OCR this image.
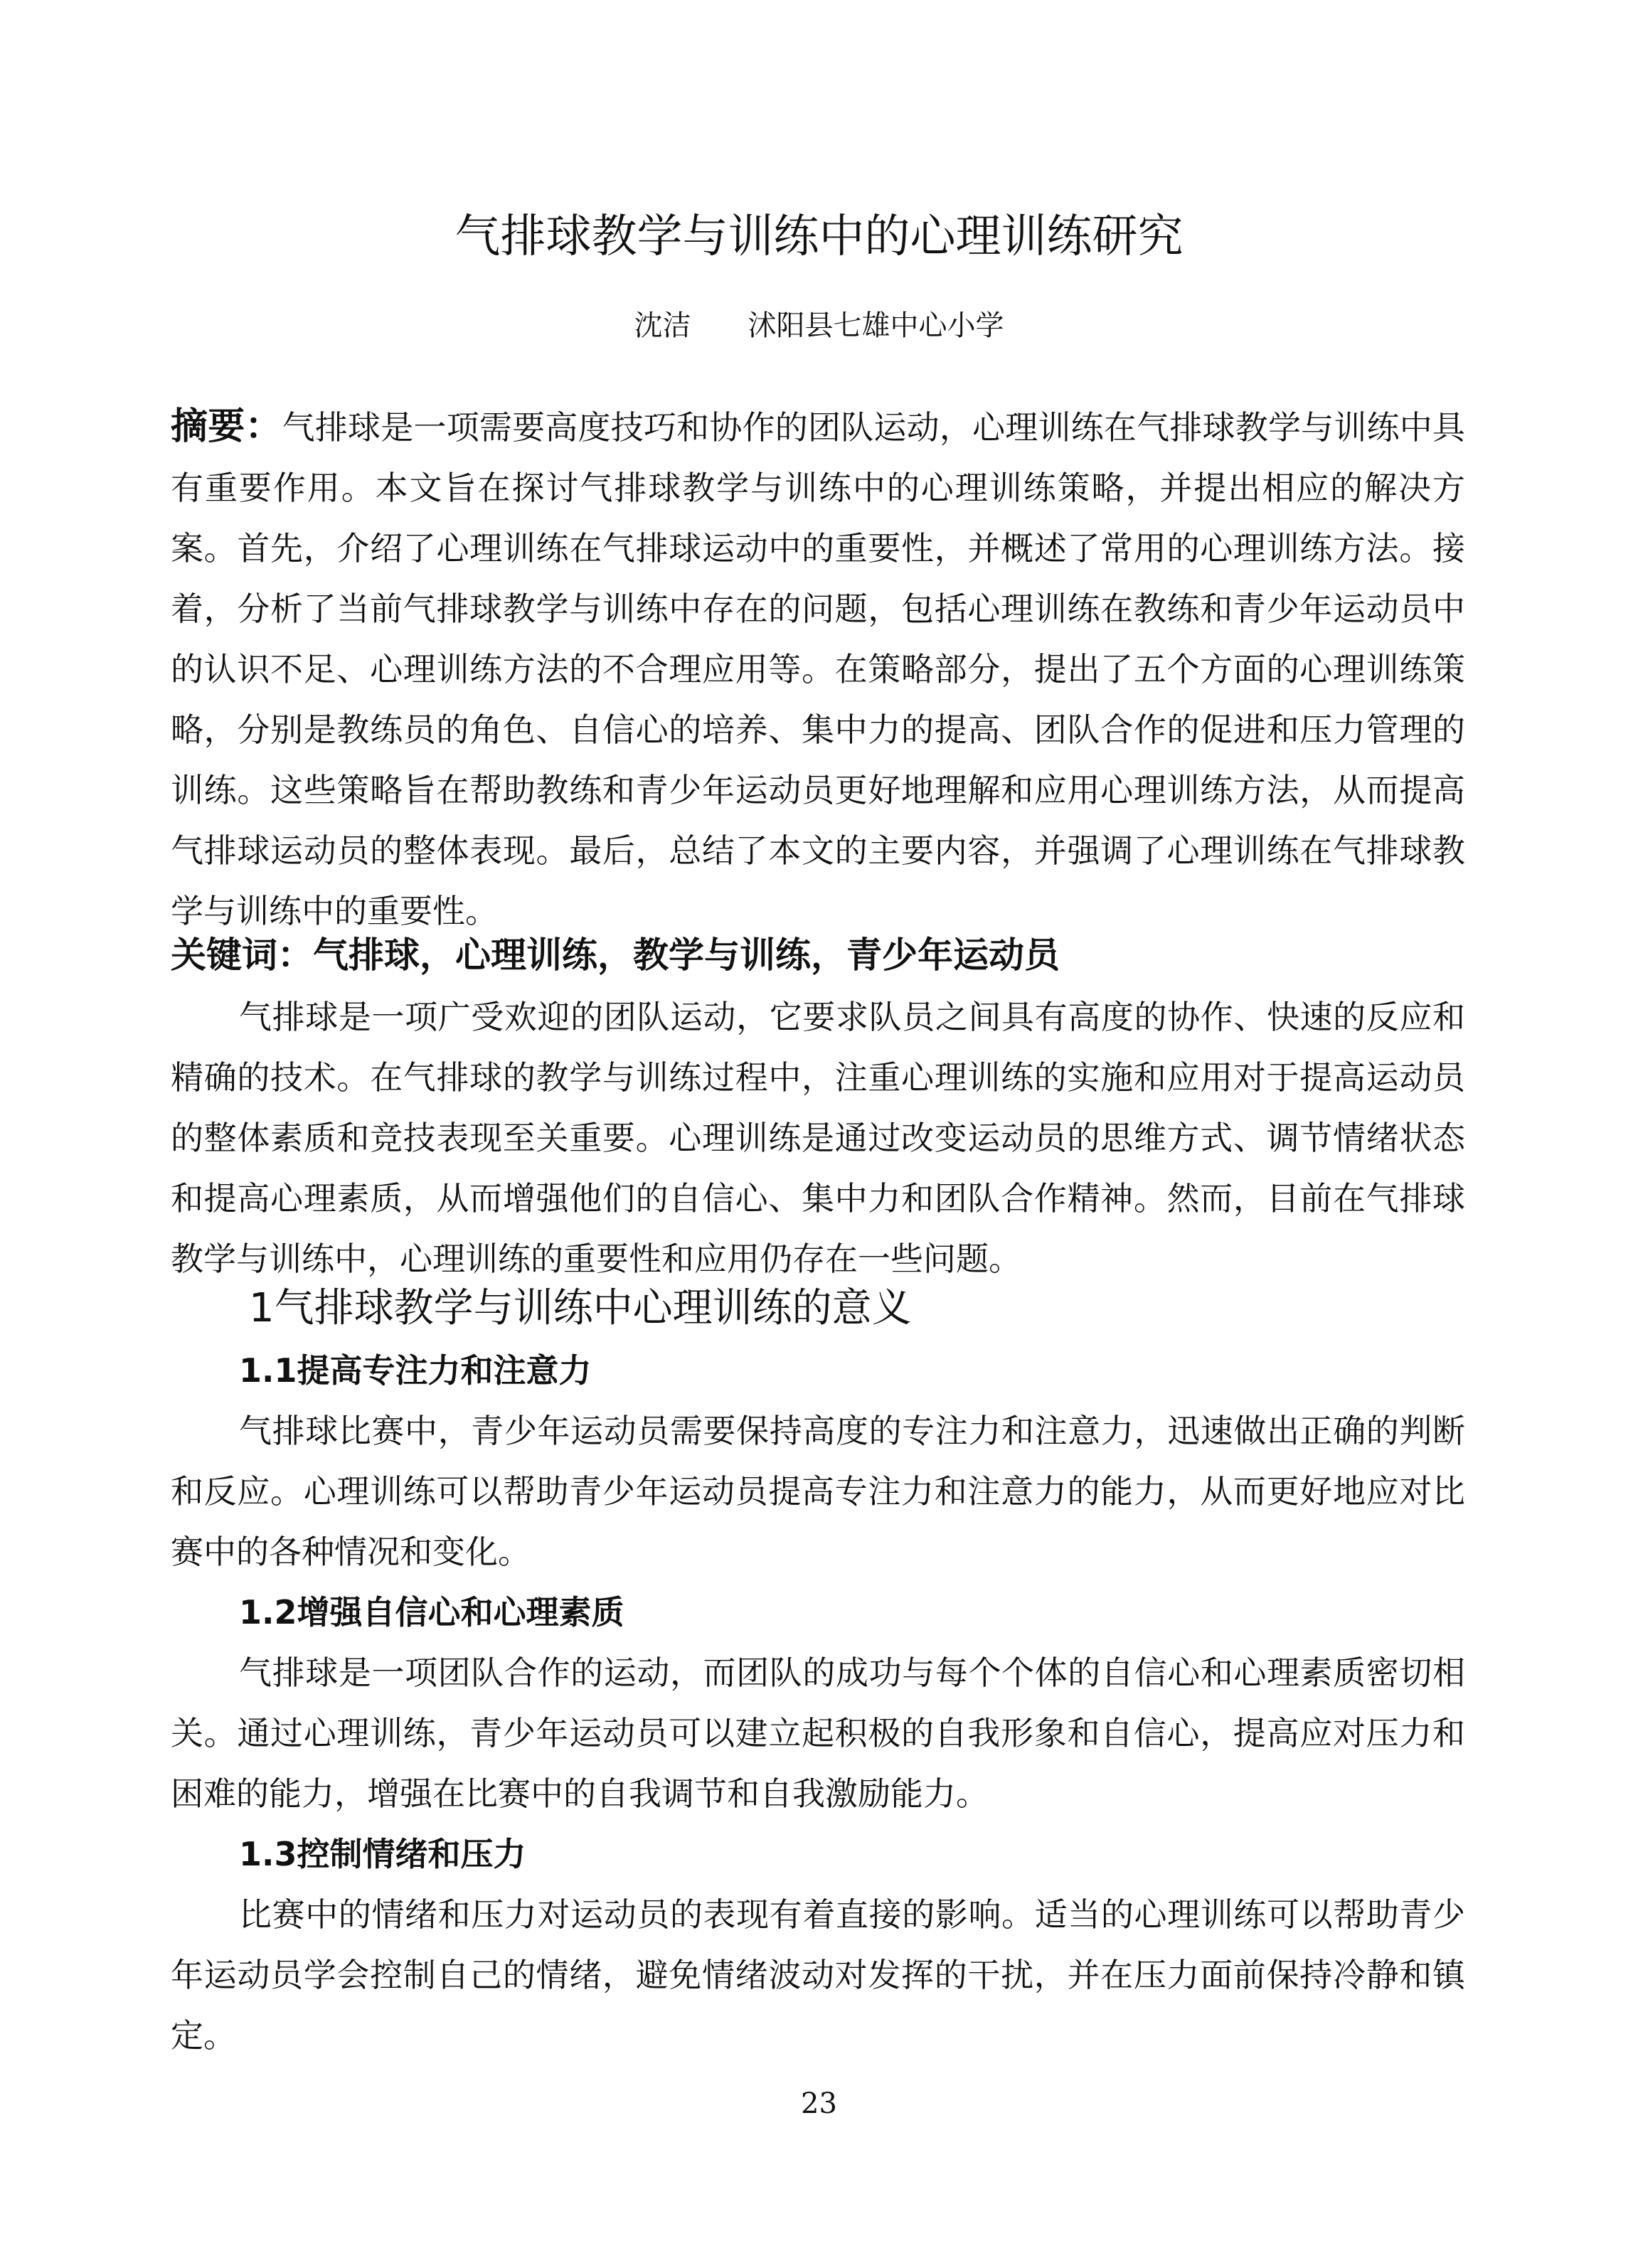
气排球教学与训练中的心理训练研究

沈洁 沭阳县七雄中心小学

摘要：气排球是一项需要高度技巧和协作的团队运动，心理训练在气排球教学与训练中具有重要作用。本文旨在探讨气排球教学与训练中的心理训练策略，并提出相应的解决方案。首先，介绍了心理训练在气排球运动中的重要性，并概述了常用的心理训练方法。接着，分析了当前气排球教学与训练中存在的问题，包括心理训练在教练和青少年运动员中的认识不足、心理训练方法的不合理应用等。在策略部分，提出了五个方面的心理训练策略，分别是教练员的角色、自信心的培养、集中力的提高、团队合作的促进和压力管理的训练。这些策略旨在帮助教练和青少年运动员更好地理解和应用心理训练方法，从而提高气排球运动员的整体表现。最后，总结了本文的主要内容，并强调了心理训练在气排球教学与训练中的重要性。

关键词：气排球，心理训练，教学与训练，青少年运动员

气排球是一项广受欢迎的团队运动，它要求队员之间具有高度的协作、快速的反应和精确的技术。在气排球的教学与训练过程中，注重心理训练的实施和应用对于提高运动员的整体素质和竞技表现至关重要。心理训练是通过改变运动员的思维方式、调节情绪状态和提高心理素质，从而增强他们的自信心、集中力和团队合作精神。然而，目前在气排球教学与训练中，心理训练的重要性和应用仍存在一些问题。

1气排球教学与训练中心理训练的意义
1.1提高专注力和注意力

气排球比赛中，青少年运动员需要保持高度的专注力和注意力，迅速做出正确的判断和反应。心理训练可以帮助青少年运动员提高专注力和注意力的能力，从而更好地应对比赛中的各种情况和变化。

1.2增强自信心和心理素质

气排球是一项团队合作的运动，而团队的成功与每个个体的自信心和心理素质密切相关。通过心理训练，青少年运动员可以建立起积极的自我形象和自信心，提高应对压力和困难的能力，增强在比赛中的自我调节和自我激励能力。

1.3控制情绪和压力

比赛中的情绪和压力对运动员的表现有着直接的影响。适当的心理训练可以帮助青少年运动员学会控制自己的情绪，避免情绪波动对发挥的干扰，并在压力面前保持冷静和镇定。

23
